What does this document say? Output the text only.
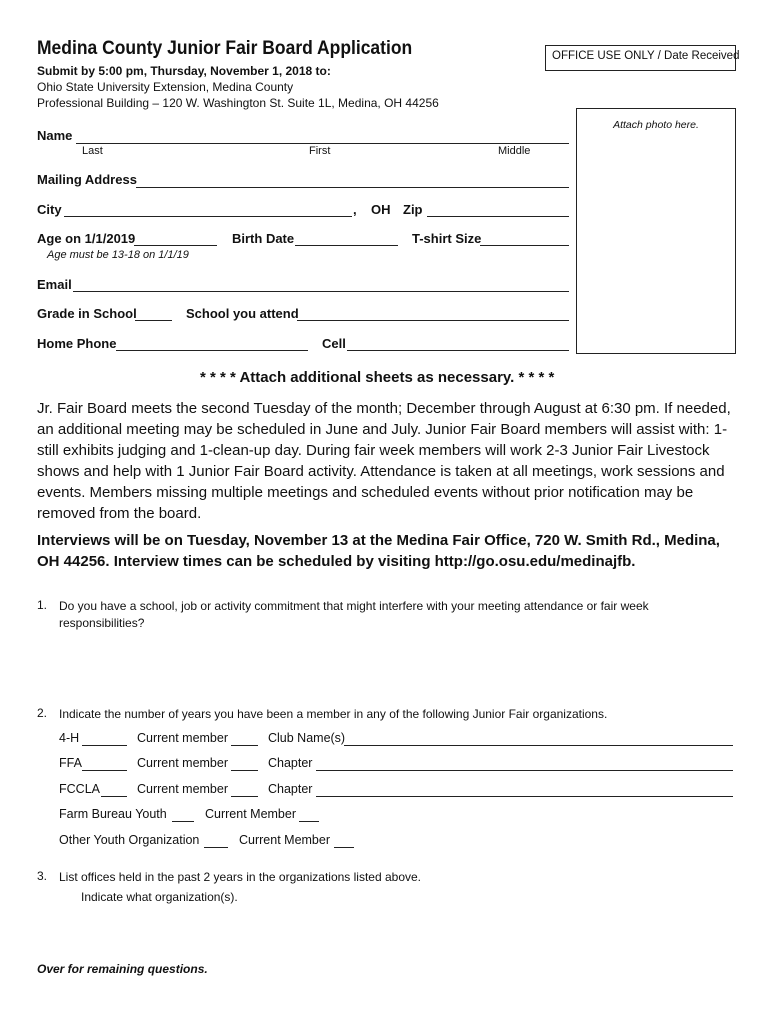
Medina County Junior Fair Board Application
Submit by 5:00 pm, Thursday, November 1, 2018 to:
Ohio State University Extension, Medina County
Professional Building – 120 W. Washington St. Suite 1L, Medina, OH 44256
OFFICE USE ONLY / Date Received
Attach photo here.
Name
Last	First	Middle
Mailing Address
City	, OH Zip
Age on 1/1/2019	Birth Date	T-shirt Size
Age must be 13-18 on 1/1/19
Email
Grade in School	School you attend
Home Phone	Cell
* * * * Attach additional sheets as necessary. * * * *
Jr. Fair Board meets the second Tuesday of the month; December through August at 6:30 pm. If needed, an additional meeting may be scheduled in June and July. Junior Fair Board members will assist with: 1-still exhibits judging and 1-clean-up day. During fair week members will work 2-3 Junior Fair Livestock shows and help with 1 Junior Fair Board activity. Attendance is taken at all meetings, work sessions and events. Members missing multiple meetings and scheduled events without prior notification may be removed from the board.
Interviews will be on Tuesday, November 13 at the Medina Fair Office, 720 W. Smith Rd., Medina, OH 44256. Interview times can be scheduled by visiting http://go.osu.edu/medinajfb.
1. Do you have a school, job or activity commitment that might interfere with your meeting attendance or fair week responsibilities?
2. Indicate the number of years you have been a member in any of the following Junior Fair organizations.
4-H	Current member	Club Name(s)
FFA	Current member	Chapter
FCCLA	Current member	Chapter
Farm Bureau Youth	Current Member
Other Youth Organization	Current Member
3. List offices held in the past 2 years in the organizations listed above.
Indicate what organization(s).
Over for remaining questions.
